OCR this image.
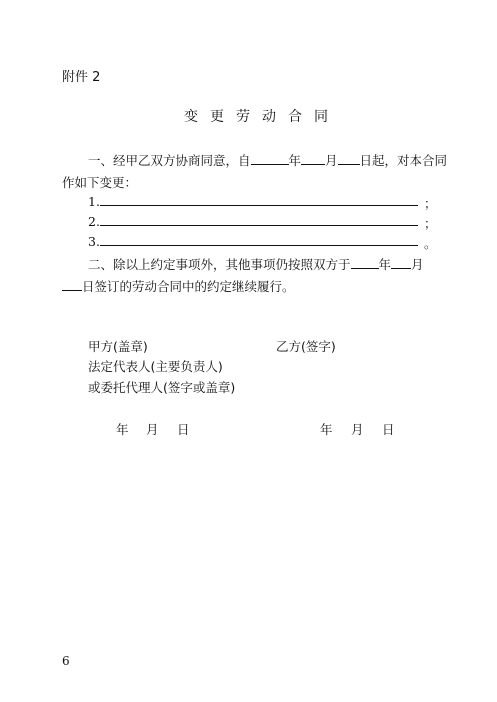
附件 2
变 更 劳 动 合 同
一、经甲乙双方协商同意，自	年 月 日起，对本合同
作如下变更：
1.	；
2.	；
3.	。
二、除以上约定事项外，其他事项仍按照双方于 年 月
日签订的劳动合同中的约定继续履行。
甲方(盖章)	乙方(签字)
法定代表人(主要负责人)
或委托代理人(签字或盖章)
年 月 日	年 月 日
6
